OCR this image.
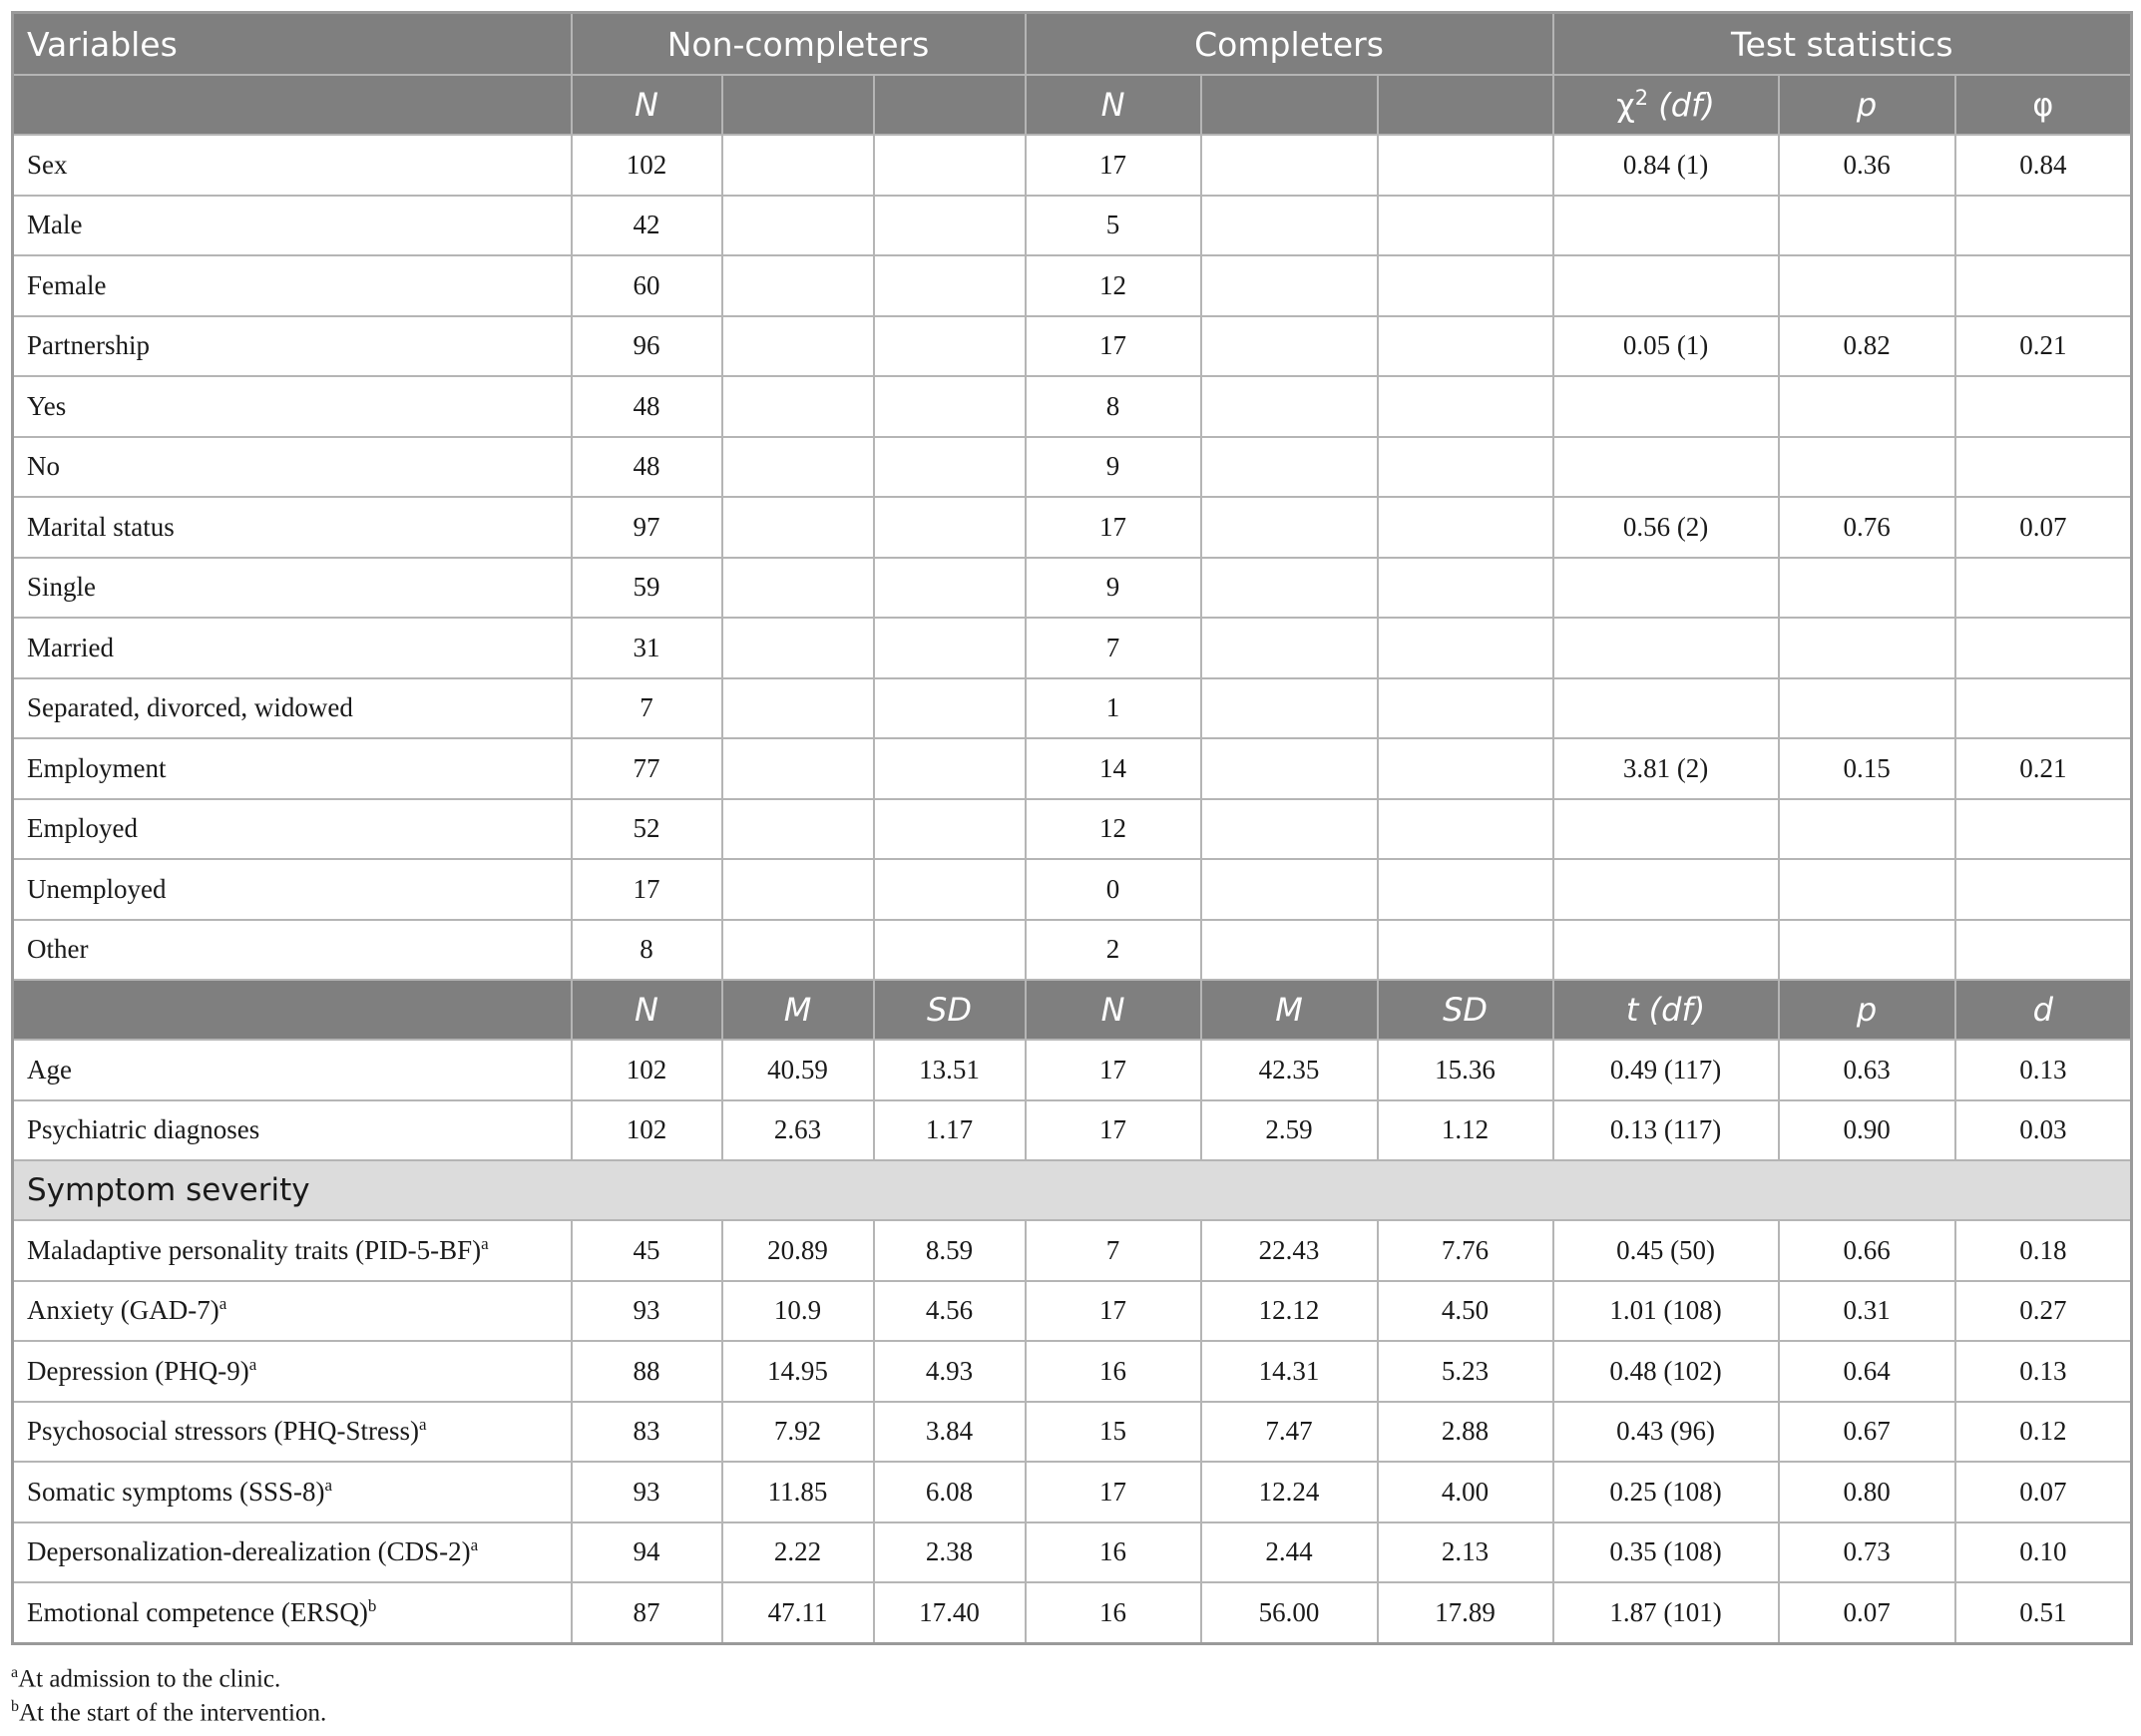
Variables	Non-completers			Completers			Test statistics		
	N			N			$\chi^2$ (df)	p	φ
Sex	102			17			0.84 (1)	0.36	0.84
Male	42			5					
Female	60			12					
Partnership	96			17			0.05 (1)	0.82	0.21
Yes	48			8					
No	48			9					
Marital status	97			17			0.56 (2)	0.76	0.07
Single	59			9					
Married	31			7					
Separated, divorced, widowed	7			1					
Employment	77			14			3.81 (2)	0.15	0.21
Employed	52			12					
Unemployed	17			0					
Other	8			2					
	N	M	SD	N	M	SD	t (df)	p	d
Age	102	40.59	13.51	17	42.35	15.36	0.49 (117)	0.63	0.13
Psychiatric diagnoses	102	2.63	1.17	17	2.59	1.12	0.13 (117)	0.90	0.03
Symptom severity									
Maladaptive personality traits $(PID-5-BF)^a$	45	20.89	8.59	7	22.43	7.76	0.45 (50)	0.66	0.18
Anxiety $(GAD-7)^a$	93	10.9	4.56	17	12.12	4.50	1.01 (108)	0.31	0.27
Depression $(PHQ-9)^a$	88	14.95	4.93	16	14.31	5.23	0.48 (102)	0.64	0.13
Psychosocial stressors (PHQ-Stress)$^a$	83	7.92	3.84	15	7.47	2.88	0.43 (96)	0.67	0.12
Somatic symptoms $(SSS-8)^a$	93	11.85	6.08	17	12.24	4.00	0.25 (108)	0.80	0.07
Depersonalization-derealization $(CDS-2)^a$	94	2.22	2.38	16	2.44	2.13	0.35 (108)	0.73	0.10
Emotional competence (ERSQ)$^b$	87	47.11	17.40	16	56.00	17.89	1.87 (101)	0.07	0.51
$^a$At admission to the clinic.
$^b$At the start of the intervention.
